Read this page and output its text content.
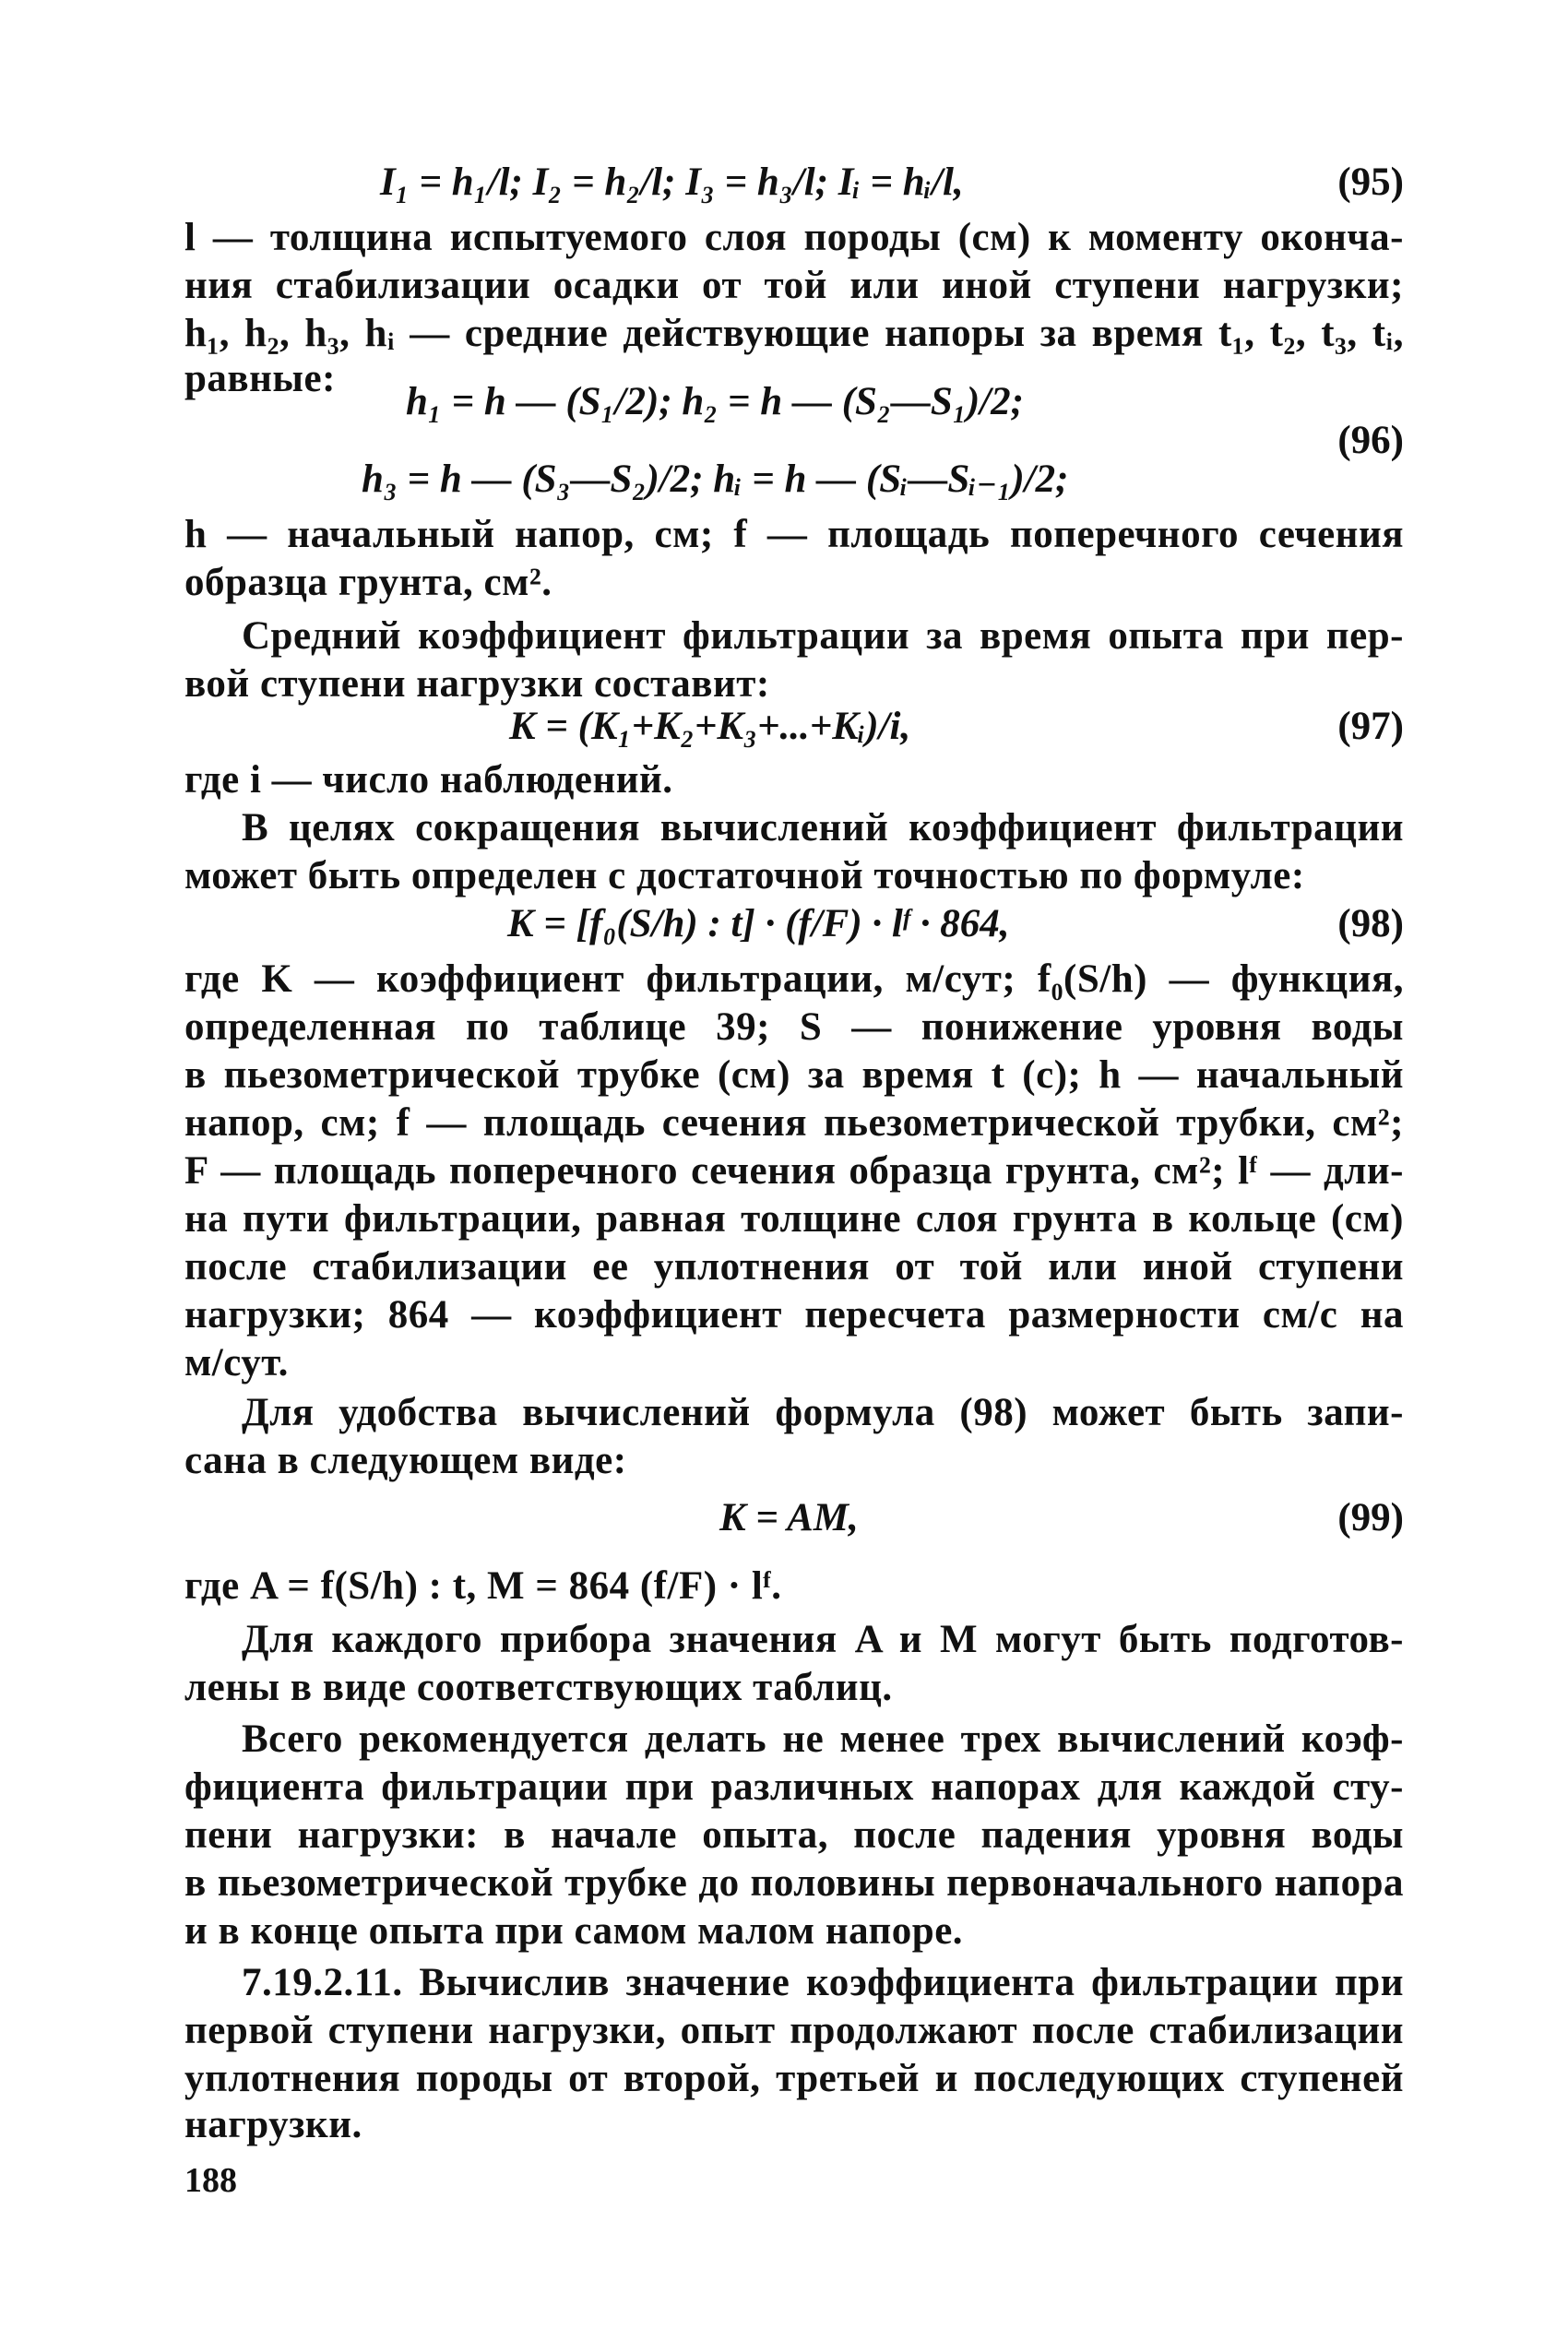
I₁ = h₁/l; I₂ = h₂/l; I₃ = h₃/l; Iᵢ = hᵢ/l,	(95)
l — толщина испытуемого слоя породы (см) к моменту оконча-
ния стабилизации осадки от той или иной ступени нагрузки;
h₁, h₂, h₃, hᵢ — средние действующие напоры за время t₁, t₂, t₃, tᵢ,
равные:
h₁ = h — (S₁/2); h₂ = h — (S₂—S₁)/2;
h₃ = h — (S₃—S₂)/2; hᵢ = h — (Sᵢ—Sᵢ₋₁)/2;
(96)
h — начальный напор, см; f — площадь поперечного сечения
образца грунта, см².
Средний коэффициент фильтрации за время опыта при пер-
вой ступени нагрузки составит:
K = (K₁+K₂+K₃+...+Kᵢ)/i,	(97)
где i — число наблюдений.
В целях сокращения вычислений коэффициент фильтрации
может быть определен с достаточной точностью по формуле:
K = [f₀(S/h) : t] · (f/F) · lᶠ · 864,	(98)
где K — коэффициент фильтрации, м/сут; f₀(S/h) — функция,
определенная по таблице 39; S — понижение уровня воды
в пьезометрической трубке (см) за время t (с); h — начальный
напор, см; f — площадь сечения пьезометрической трубки, см²;
F — площадь поперечного сечения образца грунта, см²; lᶠ — дли-
на пути фильтрации, равная толщине слоя грунта в кольце (см)
после стабилизации ее уплотнения от той или иной ступени
нагрузки; 864 — коэффициент пересчета размерности см/с на
м/сут.
Для удобства вычислений формула (98) может быть запи-
сана в следующем виде:
K = AM,	(99)
где A = f(S/h) : t, M = 864 (f/F) · lᶠ.
Для каждого прибора значения A и M могут быть подготов-
лены в виде соответствующих таблиц.
Всего рекомендуется делать не менее трех вычислений коэф-
фициента фильтрации при различных напорах для каждой сту-
пени нагрузки: в начале опыта, после падения уровня воды
в пьезометрической трубке до половины первоначального напора
и в конце опыта при самом малом напоре.
7.19.2.11. Вычислив значение коэффициента фильтрации при
первой ступени нагрузки, опыт продолжают после стабилизации
уплотнения породы от второй, третьей и последующих ступеней
нагрузки.
188
